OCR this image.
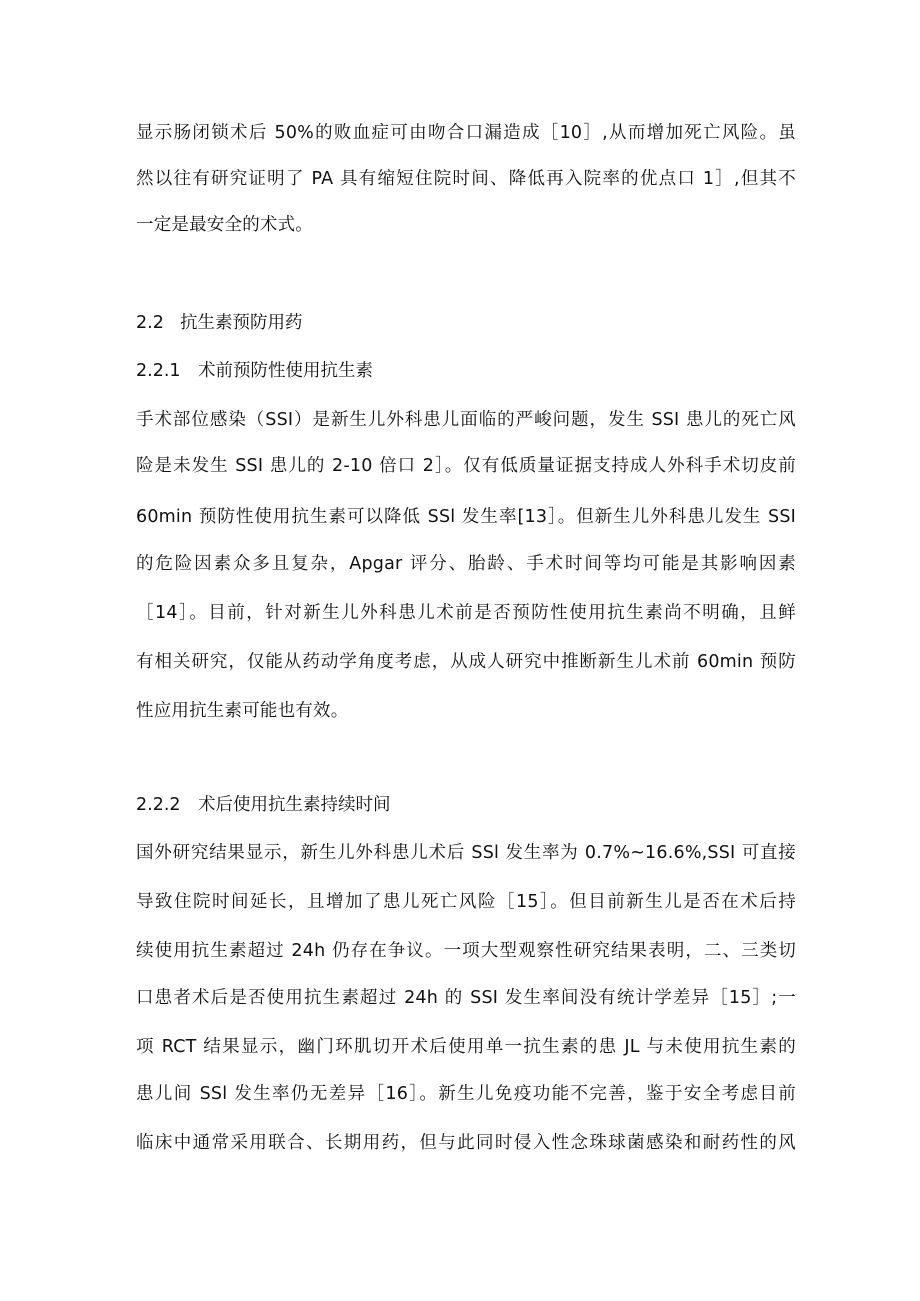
显示肠闭锁术后 50%的败血症可由吻合口漏造成［10］,从而增加死亡风险。虽
然以往有研究证明了 PA 具有缩短住院时间、降低再入院率的优点口 1］,但其不
一定是最安全的术式。
2.2 抗生素预防用药
2.2.1 术前预防性使用抗生素
手术部位感染（SSI）是新生儿外科患儿面临的严峻问题，发生 SSI 患儿的死亡风
险是未发生 SSI 患儿的 2-10 倍口 2］。仅有低质量证据支持成人外科手术切皮前
60min 预防性使用抗生素可以降低 SSl 发生率[13］。但新生儿外科患儿发生 SSI
的危险因素众多且复杂，Apgar 评分、胎龄、手术时间等均可能是其影响因素
［14］。目前，针对新生儿外科患儿术前是否预防性使用抗生素尚不明确，且鲜
有相关研究，仅能从药动学角度考虑，从成人研究中推断新生儿术前 60min 预防
性应用抗生素可能也有效。
2.2.2 术后使用抗生素持续时间
国外研究结果显示，新生儿外科患儿术后 SSl 发生率为 0.7%~16.6%,SSI 可直接
导致住院时间延长，且增加了患儿死亡风险［15］。但目前新生儿是否在术后持
续使用抗生素超过 24h 仍存在争议。一项大型观察性研究结果表明，二、三类切
口患者术后是否使用抗生素超过 24h 的 SSI 发生率间没有统计学差异［15］;一
项 RCT 结果显示，幽门环肌切开术后使用单一抗生素的患 JL 与未使用抗生素的
患儿间 SSl 发生率仍无差异［16］。新生儿免疫功能不完善，鉴于安全考虑目前
临床中通常采用联合、长期用药，但与此同时侵入性念珠球菌感染和耐药性的风
